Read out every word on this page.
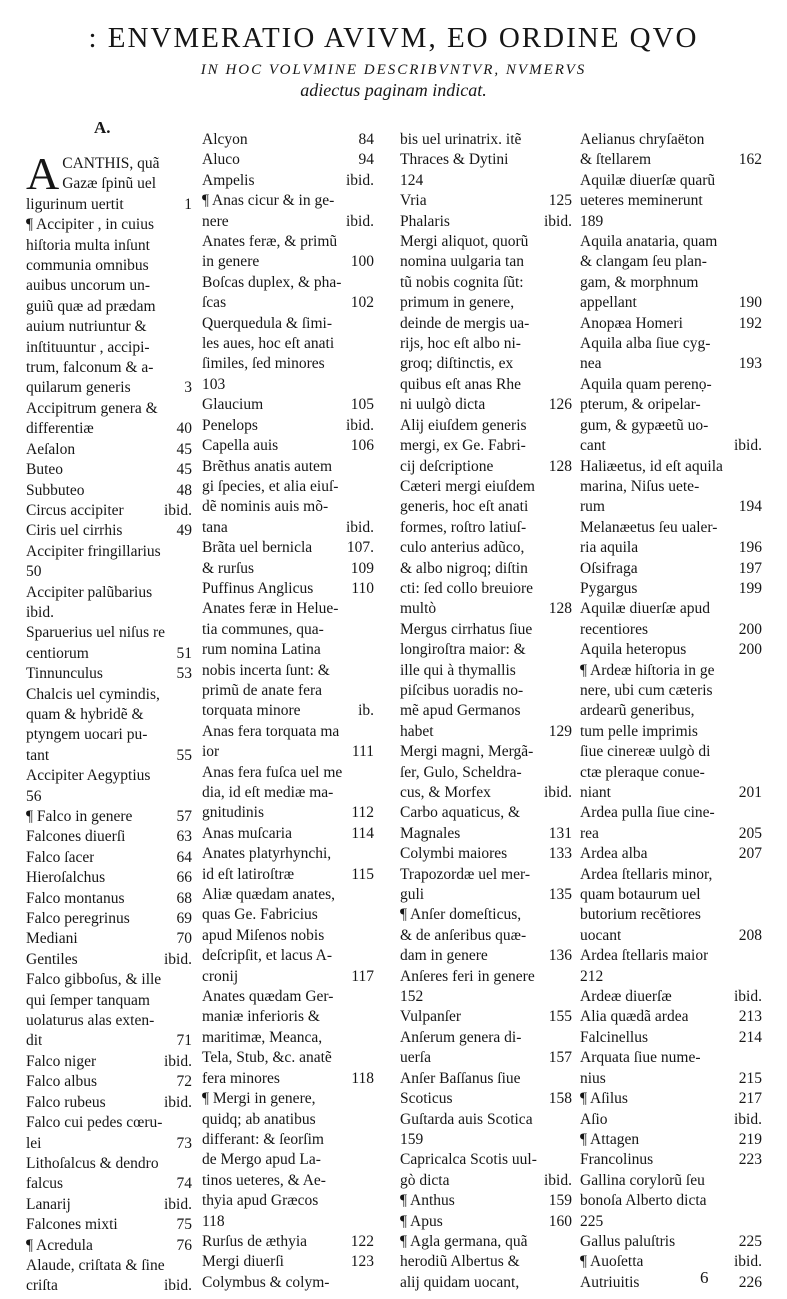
: ENVMERATIO AVIVM, EO ORDINE QVO
IN HOC VOLVMINE DESCRIBVNTVR, NVMERVS
adiectus paginam indicat.
A.
A CANTHIS, quã
Gazæ ſpinũ uel
ligurinum uertit	1
¶ Accipiter , in cuius
hiſtoria multa inſunt
communia omnibus
auibus uncorum un-
guiũ quæ ad prædam
auium nutriuntur &
inſtituuntur , accipi-
trum, falconum & a-
quilarum generis	3
Accipitrum genera &
differentiæ	40
Aeſalon	45
Buteo	45
Subbuteo	48
Circus accipiter	ibid.
Ciris uel cirrhis	49
Accipiter fringillarius
50
Accipiter palũbarius
ibid.
Sparuerius uel niſus re
centiorum	51
Tinnunculus	53
Chalcis uel cymindis,
quam & hybridẽ &
ptyngem uocari pu-
tant	55
Accipiter Aegyptius
56
¶ Falco in genere	57
Falcones diuerſi	63
Falco ſacer	64
Hieroſalchus	66
Falco montanus	68
Falco peregrinus	69
Mediani	70
Gentiles	ibid.
Falco gibboſus, & ille
qui ſemper tanquam
uolaturus alas exten-
dit	71
Falco niger	ibid.
Falco albus	72
Falco rubeus	ibid.
Falco cui pedes cœru-
lei	73
Lithoſalcus & dendro
falcus	74
Lanarij	ibid.
Falcones mixti	75
¶ Acredula	76
Alaude, criſtata & ſine
criſta	ibid.
Alcyon	84
Aluco	94
Ampelis	ibid.
¶ Anas cicur & in ge-
nere	ibid.
Anates feræ, & primũ
in genere	100
Boſcas duplex, & pha-
ſcas	102
Querquedula & ſimi-
les aues, hoc eſt anati
ſimiles, ſed minores
103
Glaucium	105
Penelops	ibid.
Capella auis	106
Brẽthus anatis autem
gi ſpecies, et alia eiuſ-
dẽ nominis auis mõ-
tana	ibid.
Brãta uel bernicla 107.
& rurſus	109
Puffinus Anglicus 110
Anates feræ in Helue-
tia communes, qua-
rum nomina Latina
nobis incerta ſunt: &
primũ de anate fera
torquata minore	ib.
Anas fera torquata ma
ior	111
Anas fera fuſca uel me
dia, id eſt mediæ ma-
gnitudinis	112
Anas muſcaria	114
Anates platyrhynchi,
id eſt latiroſtræ	115
Aliæ quædam anates,
quas Ge. Fabricius
apud Miſenos nobis
deſcripſit, et lacus A-
cronij	117
Anates quædam Ger-
maniæ inferioris &
maritimæ, Meanca,
Tela, Stub, &c. anatẽ
fera minores	118
¶ Mergi in genere,
quidq; ab anatibus
differant: & ſeorſim
de Mergo apud La-
tinos ueteres, & Ae-
thyia apud Græcos
118
Rurſus de æthyia	122
Mergi diuerſi	123
Colymbus & colym-
bis uel urinatrix. itẽ
Thraces & Dytini
124
Vria	125
Phalaris	ibid.
Mergi aliquot, quorũ
nomina uulgaria tan
tũ nobis cognita ſũt:
primum in genere,
deinde de mergis ua-
rijs, hoc eſt albo ni-
groq; diſtinctis, ex
quibus eſt anas Rhe
ni uulgò dicta	126
Alij eiuſdem generis
mergi, ex Ge. Fabri-
cij deſcriptione	128
Cæteri mergi eiuſdem
generis, hoc eſt anati
formes, roſtro latiuſ-
culo anterius adũco,
& albo nigroq; diſtin
cti: ſed collo breuiore
multò	128
Mergus cirrhatus ſiue
longiroſtra maior: &
ille qui à thymallis
piſcibus uoradis no-
mẽ apud Germanos
habet	129
Mergi magni, Mergã-
ſer, Gulo, Scheldra-
cus, & Morfex	ibid.
Carbo aquaticus, &
Magnales	131
Colymbi maiores	133
Trapozordæ uel mer-
guli	135
¶ Anſer domeſticus,
& de anſeribus quæ-
dam in genere	136
Anſeres feri in genere
152
Vulpanſer	155
Anſerum genera di-
uerſa	157
Anſer Baſſanus ſiue
Scoticus	158
Guſtarda auis Scotica
159
Capricalca Scotis uul-
gò dicta	ibid.
¶ Anthus	159
¶ Apus	160
¶ Agla germana, quã
herodiũ Albertus &
alij quidam uocant,
Aelianus chryſaëton
& ſtellarem	162
Aquilæ diuerſæ quarũ
ueteres meminerunt
189
Aquila anataria, quam
& clangam ſeu plan-
gam, & morphnum
appellant	190
Anopæa Homeri	192
Aquila alba ſiue cyg-
nea	193
Aquila quam perenọ-
pterum, & oripelar-
gum, & gypæetũ uo-
cant	ibid.
Haliæetus, id eſt aquila
marina, Niſus uete-
rum	194
Melanæetus ſeu ualer-
ria aquila	196
Oſsifraga	197
Pygargus	199
Aquilæ diuerſæ apud
recentiores	200
Aquila heteropus	200
¶ Ardeæ hiſtoria in ge
nere, ubi cum cæteris
ardearũ generibus,
tum pelle imprimis
ſiue cinereæ uulgò di
ctæ pleraque conue-
niant	201
Ardea pulla ſiue cine-
rea	205
Ardea alba	207
Ardea ſtellaris minor,
quam botaurum uel
butorium recẽtiores
uocant	208
Ardea ſtellaris maior
212
Ardeæ diuerſæ	ibid.
Alia quædã ardea	213
Falcinellus	214
Arquata ſiue nume-
nius	215
¶ Aſilus	217
Aſio	ibid.
¶ Attagen	219
Francolinus	223
Gallina corylorũ ſeu
bonoſa Alberto dicta
225
Gallus paluſtris	225
¶ Auoſetta	ibid.
Autriuitis	226
6
